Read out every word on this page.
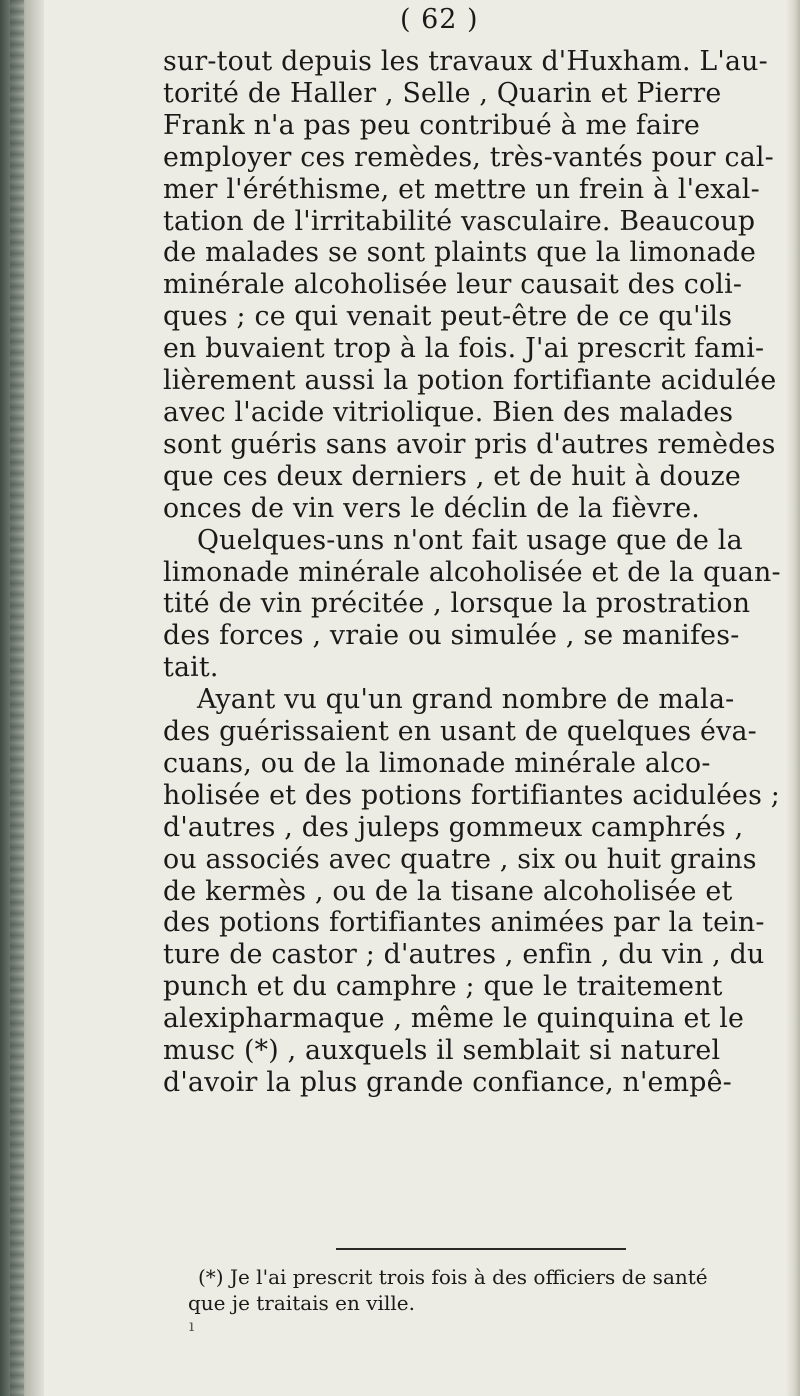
( 62 )

sur-tout depuis les travaux d'Huxham. L'au-
torité de Haller , Selle , Quarin et Pierre
Frank n'a pas peu contribué à me faire
employer ces remèdes, très-vantés pour cal-
mer l'éréthisme, et mettre un frein à l'exal-
tation de l'irritabilité vasculaire. Beaucoup
de malades se sont plaints que la limonade
minérale alcoholisée leur causait des coli-
ques ; ce qui venait peut-être de ce qu'ils
en buvaient trop à la fois. J'ai prescrit fami-
lièrement aussi la potion fortifiante acidulée
avec l'acide vitriolique. Bien des malades
sont guéris sans avoir pris d'autres remèdes
que ces deux derniers , et de huit à douze
onces de vin vers le déclin de la fièvre.
Quelques-uns n'ont fait usage que de la
limonade minérale alcoholisée et de la quan-
tité de vin précitée , lorsque la prostration
des forces , vraie ou simulée , se manifes-
tait.
Ayant vu qu'un grand nombre de mala-
des guérissaient en usant de quelques éva-
cuans, ou de la limonade minérale alco-
holisée et des potions fortifiantes acidulées ;
d'autres , des juleps gommeux camphrés ,
ou associés avec quatre , six ou huit grains
de kermès , ou de la tisane alcoholisée et
des potions fortifiantes animées par la tein-
ture de castor ; d'autres , enfin , du vin , du
punch et du camphre ; que le traitement
alexipharmaque , même le quinquina et le
musc (*) , auxquels il semblait si naturel
d'avoir la plus grande confiance, n'empê-

(*) Je l'ai prescrit trois fois à des officiers de santé
que je traitais en ville.

ı
